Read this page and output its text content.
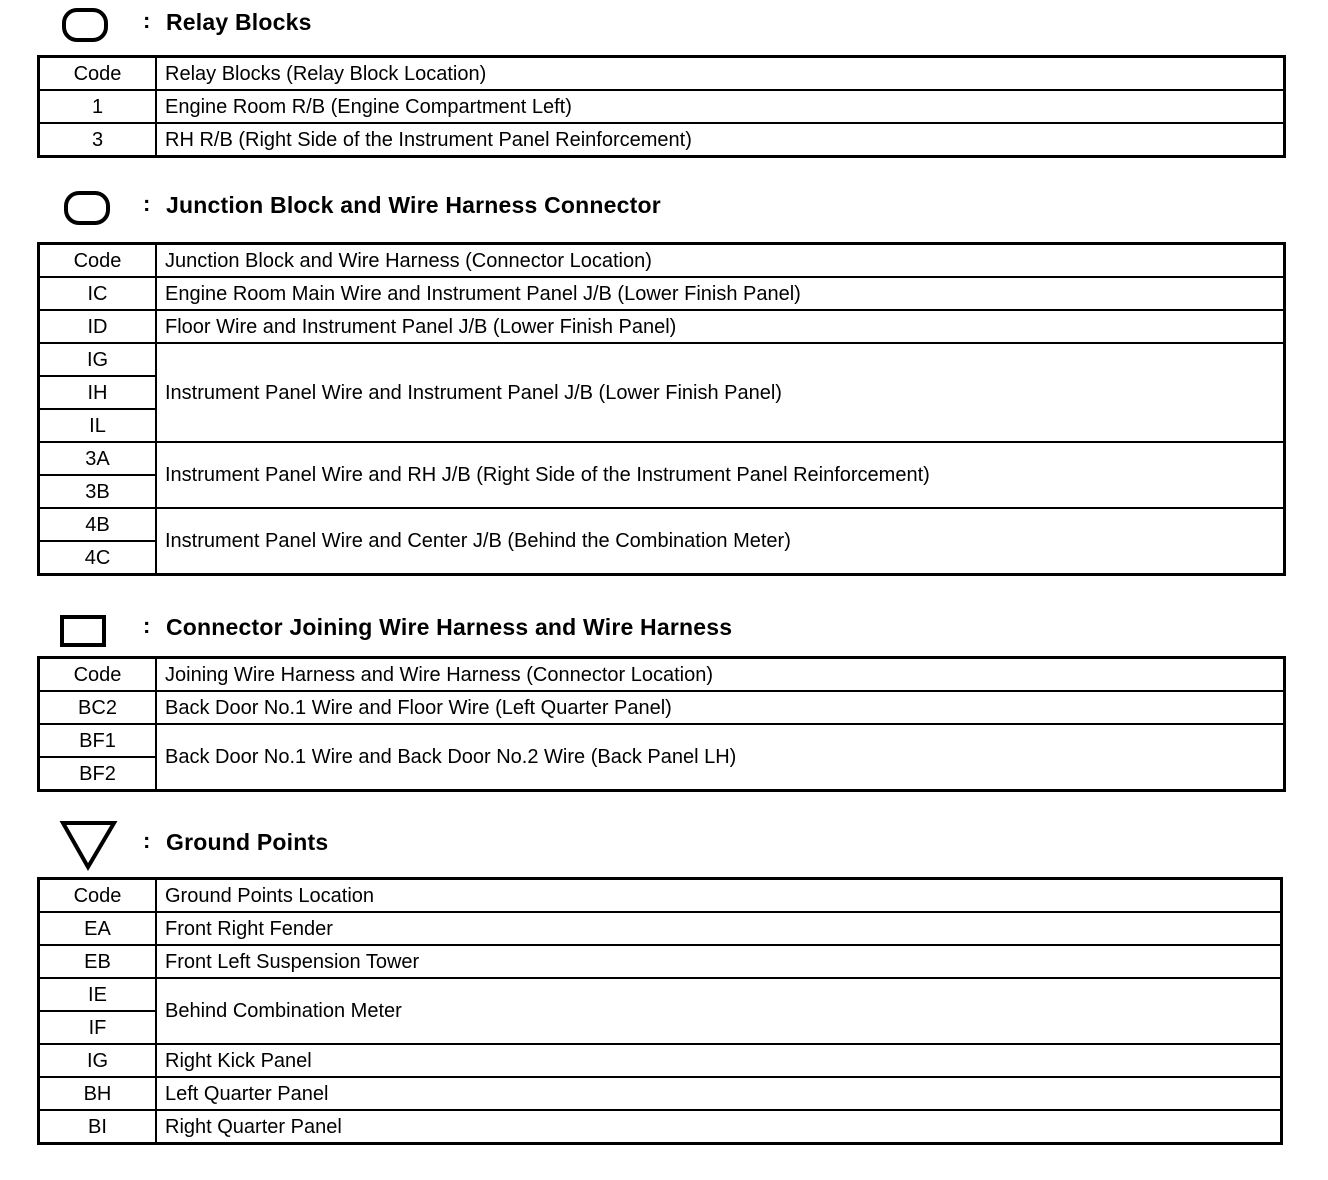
: Relay Blocks
Code	Relay Blocks (Relay Block Location)
1	Engine Room R/B (Engine Compartment Left)
3	RH R/B (Right Side of the Instrument Panel Reinforcement)
: Junction Block and Wire Harness Connector
Code	Junction Block and Wire Harness (Connector Location)
IC	Engine Room Main Wire and Instrument Panel J/B (Lower Finish Panel)
ID	Floor Wire and Instrument Panel J/B (Lower Finish Panel)
IG	Instrument Panel Wire and Instrument Panel J/B (Lower Finish Panel)
IH	
IL	
3A	Instrument Panel Wire and RH J/B (Right Side of the Instrument Panel Reinforcement)
3B	
4B	Instrument Panel Wire and Center J/B (Behind the Combination Meter)
4C	
: Connector Joining Wire Harness and Wire Harness
Code	Joining Wire Harness and Wire Harness (Connector Location)
BC2	Back Door No.1 Wire and Floor Wire (Left Quarter Panel)
BF1	Back Door No.1 Wire and Back Door No.2 Wire (Back Panel LH)
BF2	
: Ground Points
Code	Ground Points Location
EA	Front Right Fender
EB	Front Left Suspension Tower
IE	Behind Combination Meter
IF	
IG	Right Kick Panel
BH	Left Quarter Panel
BI	Right Quarter Panel
